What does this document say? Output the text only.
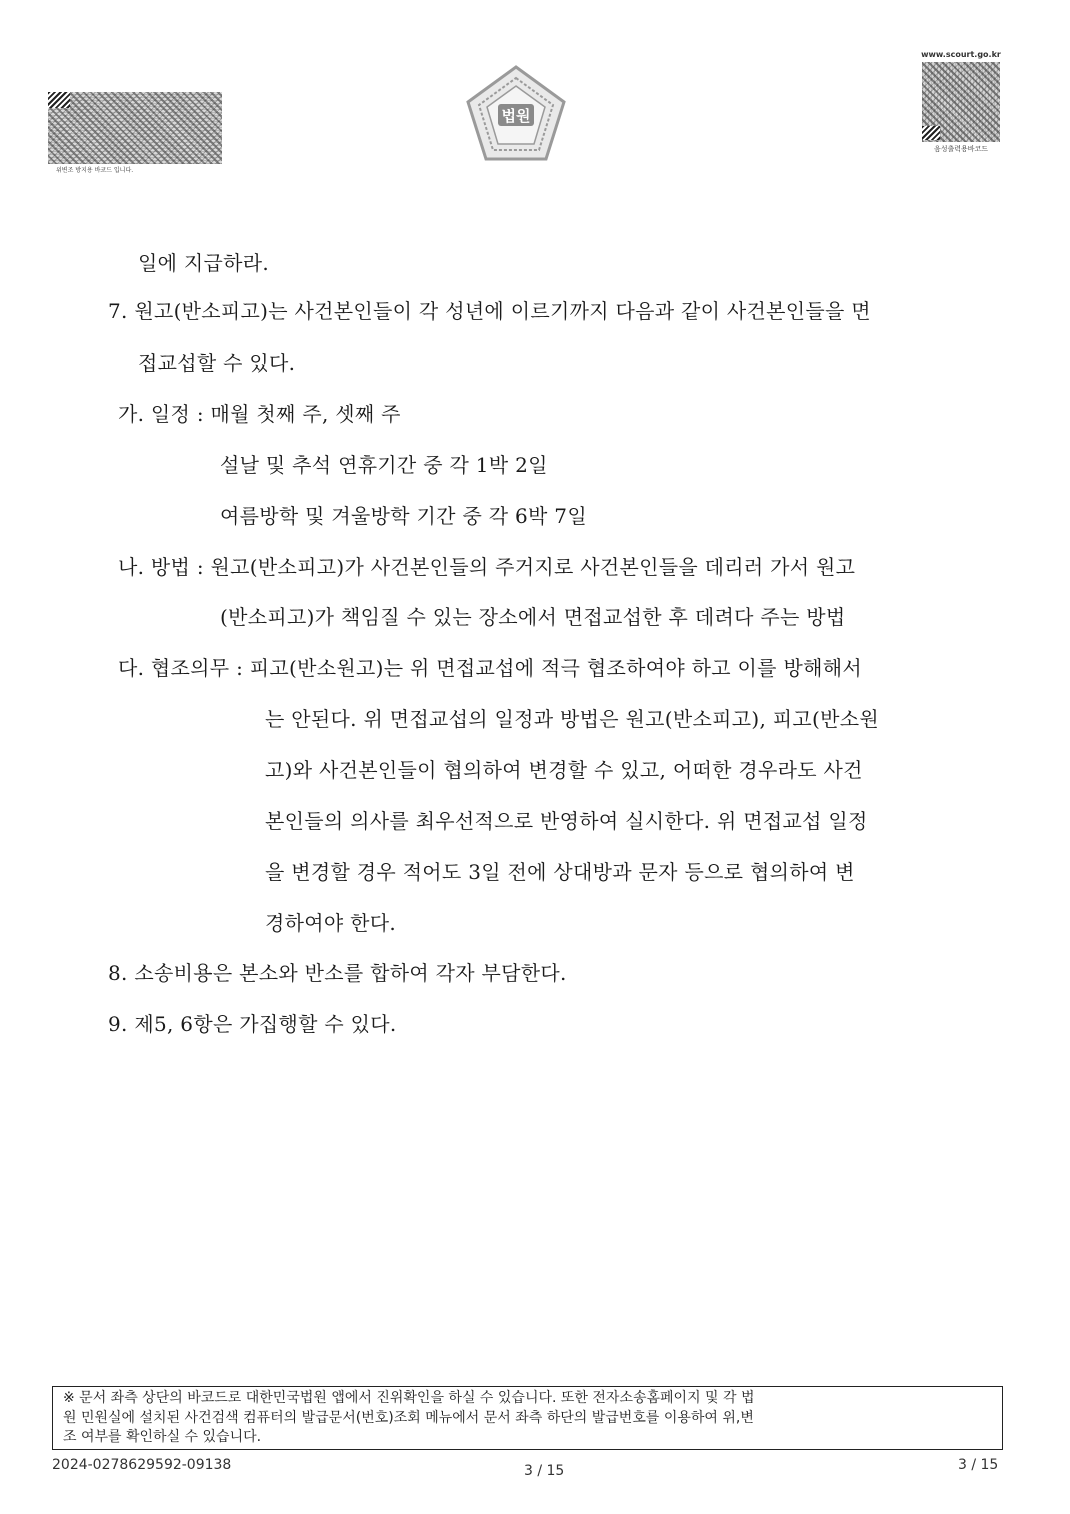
위변조 방지용 바코드 입니다.
법원
www.scourt.go.kr
음성출력용바코드
일에 지급하라.
7. 원고(반소피고)는 사건본인들이 각 성년에 이르기까지 다음과 같이 사건본인들을 면
접교섭할 수 있다.
가. 일정 : 매월 첫째 주, 셋째 주
설날 및 추석 연휴기간 중 각 1박 2일
여름방학 및 겨울방학 기간 중 각 6박 7일
나. 방법 : 원고(반소피고)가 사건본인들의 주거지로 사건본인들을 데리러 가서 원고
(반소피고)가 책임질 수 있는 장소에서 면접교섭한 후 데려다 주는 방법
다. 협조의무 : 피고(반소원고)는 위 면접교섭에 적극 협조하여야 하고 이를 방해해서
는 안된다. 위 면접교섭의 일정과 방법은 원고(반소피고), 피고(반소원
고)와 사건본인들이 협의하여 변경할 수 있고, 어떠한 경우라도 사건
본인들의 의사를 최우선적으로 반영하여 실시한다. 위 면접교섭 일정
을 변경할 경우 적어도 3일 전에 상대방과 문자 등으로 협의하여 변
경하여야 한다.
8. 소송비용은 본소와 반소를 합하여 각자 부담한다.
9. 제5, 6항은 가집행할 수 있다.
※ 문서 좌측 상단의 바코드로 대한민국법원 앱에서 진위확인을 하실 수 있습니다. 또한 전자소송홈페이지 및 각 법
원 민원실에 설치된 사건검색 컴퓨터의 발급문서(번호)조회 메뉴에서 문서 좌측 하단의 발급번호를 이용하여 위,변
조 여부를 확인하실 수 있습니다.
2024-0278629592-09138	3 / 15	3 / 15
